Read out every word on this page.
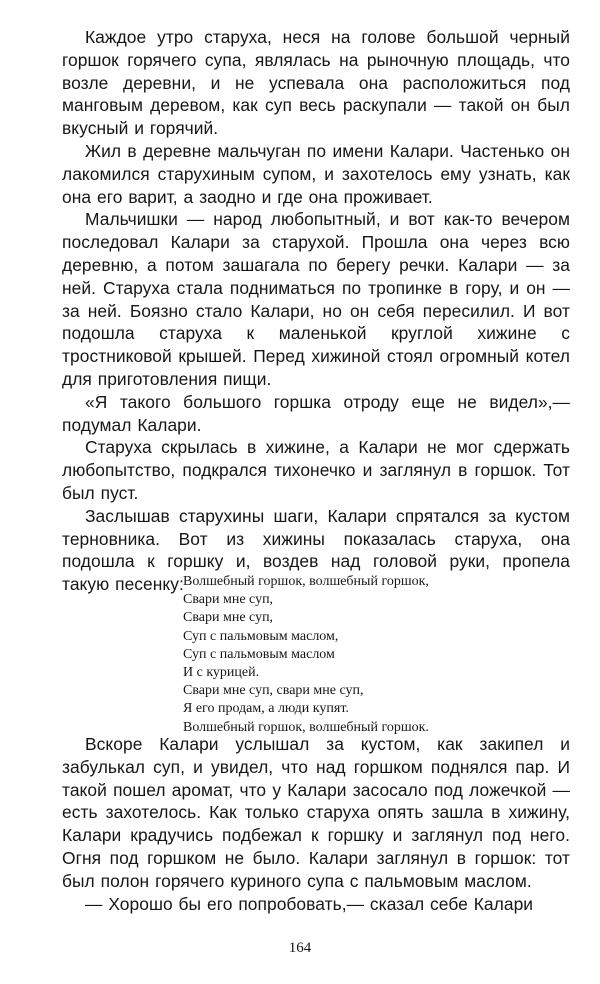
Каждое утро старуха, неся на голове большой черный горшок горячего супа, являлась на рыночную площадь, что возле деревни, и не успевала она расположиться под манговым деревом, как суп весь раскупали — такой он был вкусный и горячий.

Жил в деревне мальчуган по имени Калари. Частенько он лакомился старухиным супом, и захотелось ему узнать, как она его варит, а заодно и где она проживает.

Мальчишки — народ любопытный, и вот как-то вечером последовал Калари за старухой. Прошла она через всю деревню, а потом зашагала по берегу речки. Калари — за ней. Старуха стала подниматься по тропинке в гору, и он — за ней. Боязно стало Калари, но он себя пересилил. И вот подошла старуха к маленькой круглой хижине с тростниковой крышей. Перед хижиной стоял огромный котел для приготовления пищи.

«Я такого большого горшка отроду еще не видел»,— подумал Калари.

Старуха скрылась в хижине, а Калари не мог сдержать любопытство, подкрался тихонечко и заглянул в горшок. Тот был пуст.

Заслышав старухины шаги, Калари спрятался за кустом терновника. Вот из хижины показалась старуха, она подошла к горшку и, воздев над головой руки, пропела такую песенку: Волшебный горшок, волшебный горшок,
Свари мне суп,
Свари мне суп,
Суп с пальмовым маслом,
Суп с пальмовым маслом
И с курицей.
Свари мне суп, свари мне суп,
Я его продам, а люди купят.
Волшебный горшок, волшебный горшок.

Вскоре Калари услышал за кустом, как закипел и забулькал суп, и увидел, что над горшком поднялся пар. И такой пошел аромат, что у Калари засосало под ложечкой — есть захотелось. Как только старуха опять зашла в хижину, Калари крадучись подбежал к горшку и заглянул под него. Огня под горшком не было. Калари заглянул в горшок: тот был полон горячего куриного супа с пальмовым маслом.

— Хорошо бы его попробовать,— сказал себе Калари

164
